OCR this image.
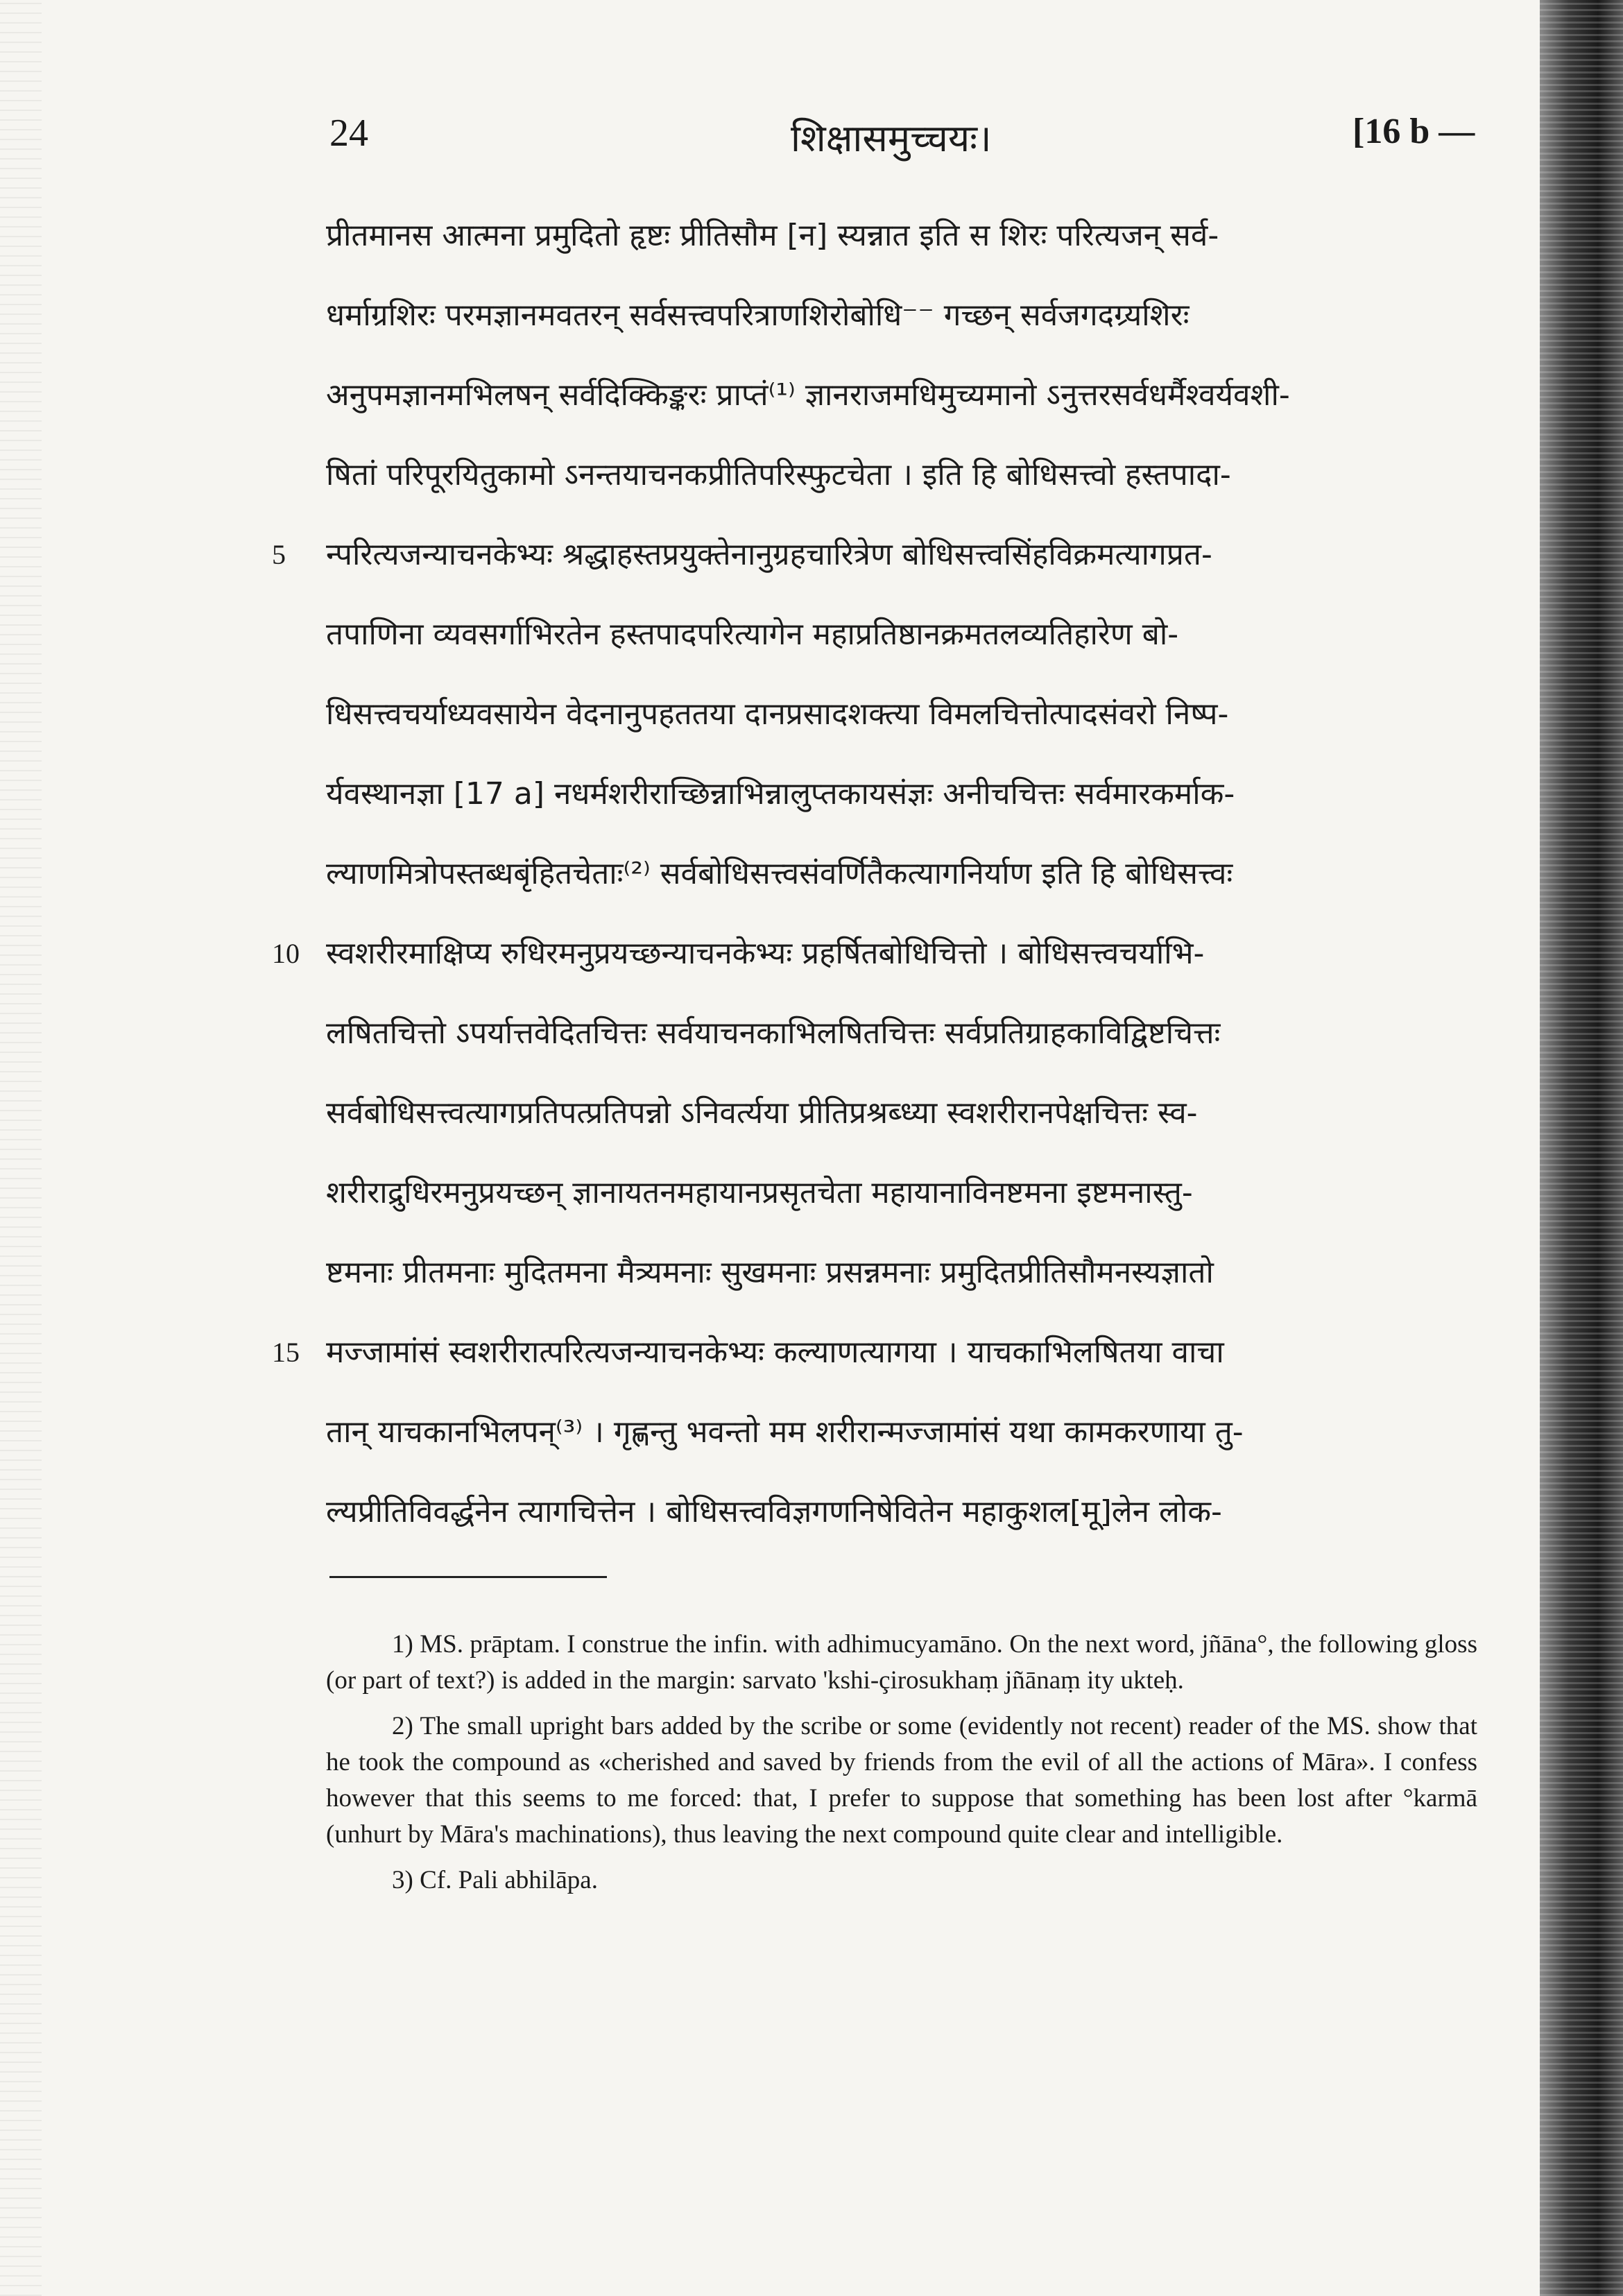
24	शिक्षासमुच्चयः।	[16 b —
प्रीतमानस आत्मना प्रमुदितो हृष्टः प्रीतिसौम [न] स्यन्नात इति स शिरः परित्यजन् सर्व-
धर्माग्रशिरः परमज्ञानमवतरन् सर्वसत्त्वपरित्राणशिरोबोधि⁻⁻ गच्छन् सर्वजगदग्र्यशिरः
अनुपमज्ञानमभिलषन् सर्वदिक्किङ्करः प्राप्तं⁽¹⁾ ज्ञानराजमधिमुच्यमानो ऽनुत्तरसर्वधर्मैश्वर्यवशी-
षितां परिपूरयितुकामो ऽनन्तयाचनकप्रीतिपरिस्फुटचेता । इति हि बोधिसत्त्वो हस्तपादा-
5	न्परित्यजन्याचनकेभ्यः श्रद्धाहस्तप्रयुक्तेनानुग्रहचारित्रेण बोधिसत्त्वसिंहविक्रमत्यागप्रत-
तपाणिना व्यवसर्गाभिरतेन हस्तपादपरित्यागेन महाप्रतिष्ठानक्रमतलव्यतिहारेण बो-
धिसत्त्वचर्याध्यवसायेन वेदनानुपहततया दानप्रसादशक्त्या विमलचित्तोत्पादसंवरो निष्प-
र्यवस्थानज्ञा [17 a] नधर्मशरीराच्छिन्नाभिन्नालुप्तकायसंज्ञः अनीचचित्तः सर्वमारकर्माक-
ल्याणमित्रोपस्तब्धबृंहितचेताः⁽²⁾ सर्वबोधिसत्त्वसंवर्णितैकत्यागनिर्याण इति हि बोधिसत्त्वः
10 स्वशरीरमाक्षिप्य रुधिरमनुप्रयच्छन्याचनकेभ्यः प्रहर्षितबोधिचित्तो । बोधिसत्त्वचर्याभि-
लषितचित्तो ऽपर्यात्तवेदितचित्तः सर्वयाचनकाभिलषितचित्तः सर्वप्रतिग्राहकाविद्विष्टचित्तः
सर्वबोधिसत्त्वत्यागप्रतिपत्प्रतिपन्नो ऽनिवर्त्यया प्रीतिप्रश्रब्ध्या स्वशरीरानपेक्षचित्तः स्व-
शरीराद्रुधिरमनुप्रयच्छन् ज्ञानायतनमहायानप्रसृतचेता महायानाविनष्टमना इष्टमनास्तु-
ष्टमनाः प्रीतमनाः मुदितमना मैत्र्यमनाः सुखमनाः प्रसन्नमनाः प्रमुदितप्रीतिसौमनस्यज्ञातो
15 मज्जामांसं स्वशरीरात्परित्यजन्याचनकेभ्यः कल्याणत्यागया । याचकाभिलषितया वाचा
तान् याचकानभिलपन्⁽³⁾ । गृह्णन्तु भवन्तो मम शरीरान्मज्जामांसं यथा कामकरणाया तु-
ल्यप्रीतिविवर्द्धनेन त्यागचित्तेन । बोधिसत्त्वविज्ञगणनिषेवितेन महाकुशल[मू]लेन लोक-

1) MS. prāptam. I construe the infin. with adhimucyamāno. On the next word, jñāna°, the following gloss (or part of text?) is added in the margin: sarvato 'kshi-çirosukhaṃ jñānaṃ ity ukteḥ.

2) The small upright bars added by the scribe or some (evidently not recent) reader of the MS. show that he took the compound as «cherished and saved by friends from the evil of all the actions of Māra». I confess however that this seems to me forced: that, I prefer to suppose that something has been lost after °karmā (unhurt by Māra's machinations), thus leaving the next compound quite clear and intelligible.

3) Cf. Pali abhilāpa.
